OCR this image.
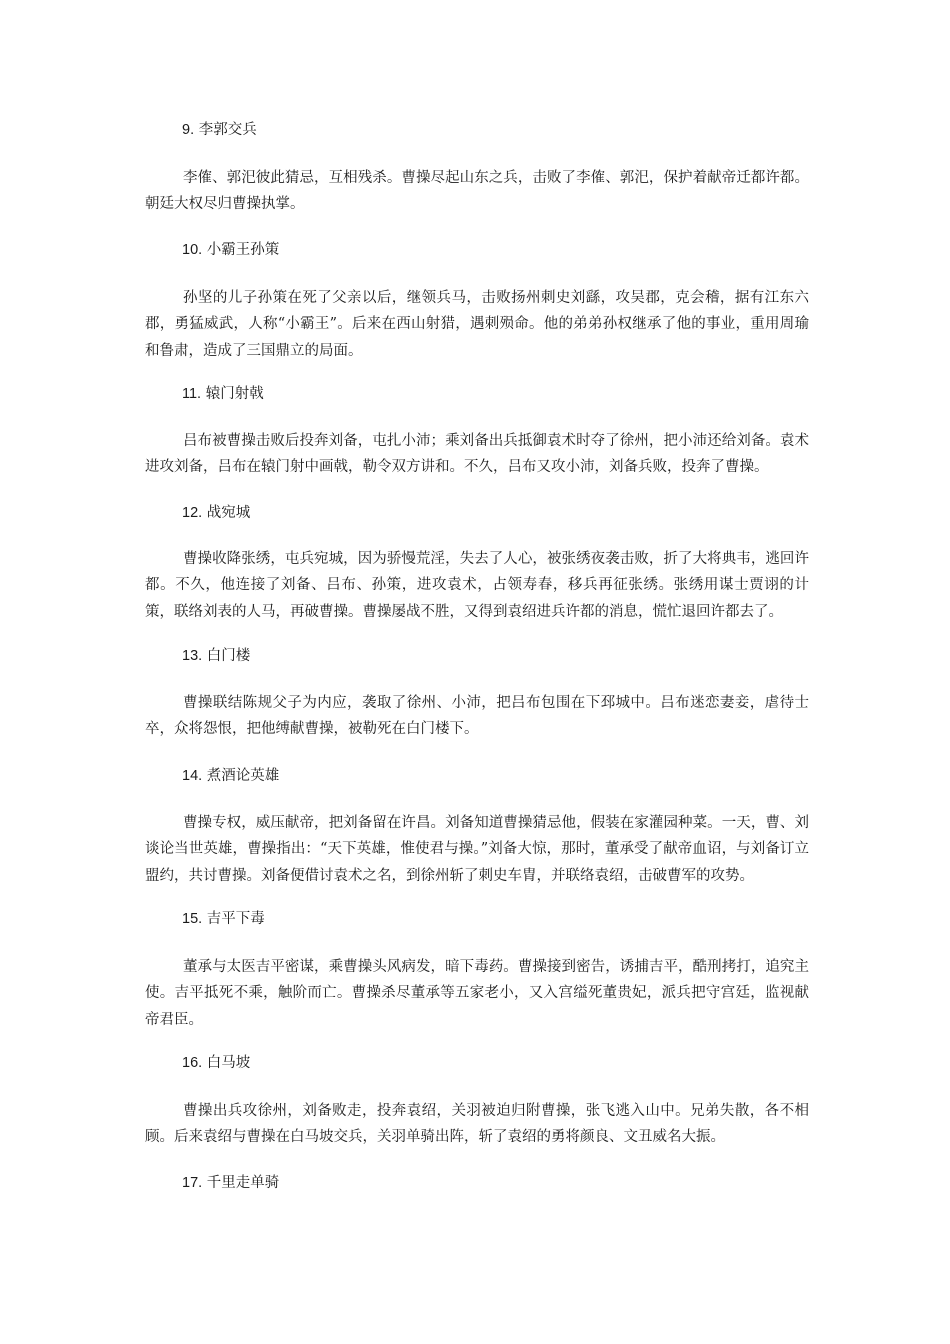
9. 李郭交兵

李傕、郭汜彼此猜忌，互相残杀。曹操尽起山东之兵，击败了李傕、郭汜，保护着献帝迁都许都。朝廷大权尽归曹操执掌。

10. 小霸王孙策

孙坚的儿子孙策在死了父亲以后，继领兵马，击败扬州刺史刘繇，攻吴郡，克会稽，据有江东六郡，勇猛威武，人称“小霸王”。后来在西山射猎，遇刺殒命。他的弟弟孙权继承了他的事业，重用周瑜和鲁肃，造成了三国鼎立的局面。

11. 辕门射戟

吕布被曹操击败后投奔刘备，屯扎小沛；乘刘备出兵抵御袁术时夺了徐州，把小沛还给刘备。袁术进攻刘备，吕布在辕门射中画戟，勒令双方讲和。不久，吕布又攻小沛，刘备兵败，投奔了曹操。

12. 战宛城

曹操收降张绣，屯兵宛城，因为骄慢荒淫，失去了人心，被张绣夜袭击败，折了大将典韦，逃回许都。不久，他连接了刘备、吕布、孙策，进攻袁术，占领寿春，移兵再征张绣。张绣用谋士贾诩的计策，联络刘表的人马，再破曹操。曹操屡战不胜，又得到袁绍进兵许都的消息，慌忙退回许都去了。

13. 白门楼

曹操联结陈规父子为内应，袭取了徐州、小沛，把吕布包围在下邳城中。吕布迷恋妻妾，虐待士卒，众将怨恨，把他缚献曹操，被勒死在白门楼下。

14. 煮酒论英雄

曹操专权，威压献帝，把刘备留在许昌。刘备知道曹操猜忌他，假装在家灌园种菜。一天，曹、刘谈论当世英雄，曹操指出：“天下英雄，惟使君与操。”刘备大惊，那时，董承受了献帝血诏，与刘备订立盟约，共讨曹操。刘备便借讨袁术之名，到徐州斩了刺史车胄，并联络袁绍，击破曹军的攻势。

15. 吉平下毒

董承与太医吉平密谋，乘曹操头风病发，暗下毒药。曹操接到密告，诱捕吉平，酷刑拷打，追究主使。吉平抵死不乘，触阶而亡。曹操杀尽董承等五家老小，又入宫缢死董贵妃，派兵把守宫廷，监视献帝君臣。

16. 白马坡

曹操出兵攻徐州，刘备败走，投奔袁绍，关羽被迫归附曹操，张飞逃入山中。兄弟失散，各不相顾。后来袁绍与曹操在白马坡交兵，关羽单骑出阵，斩了袁绍的勇将颜良、文丑威名大振。

17. 千里走单骑
